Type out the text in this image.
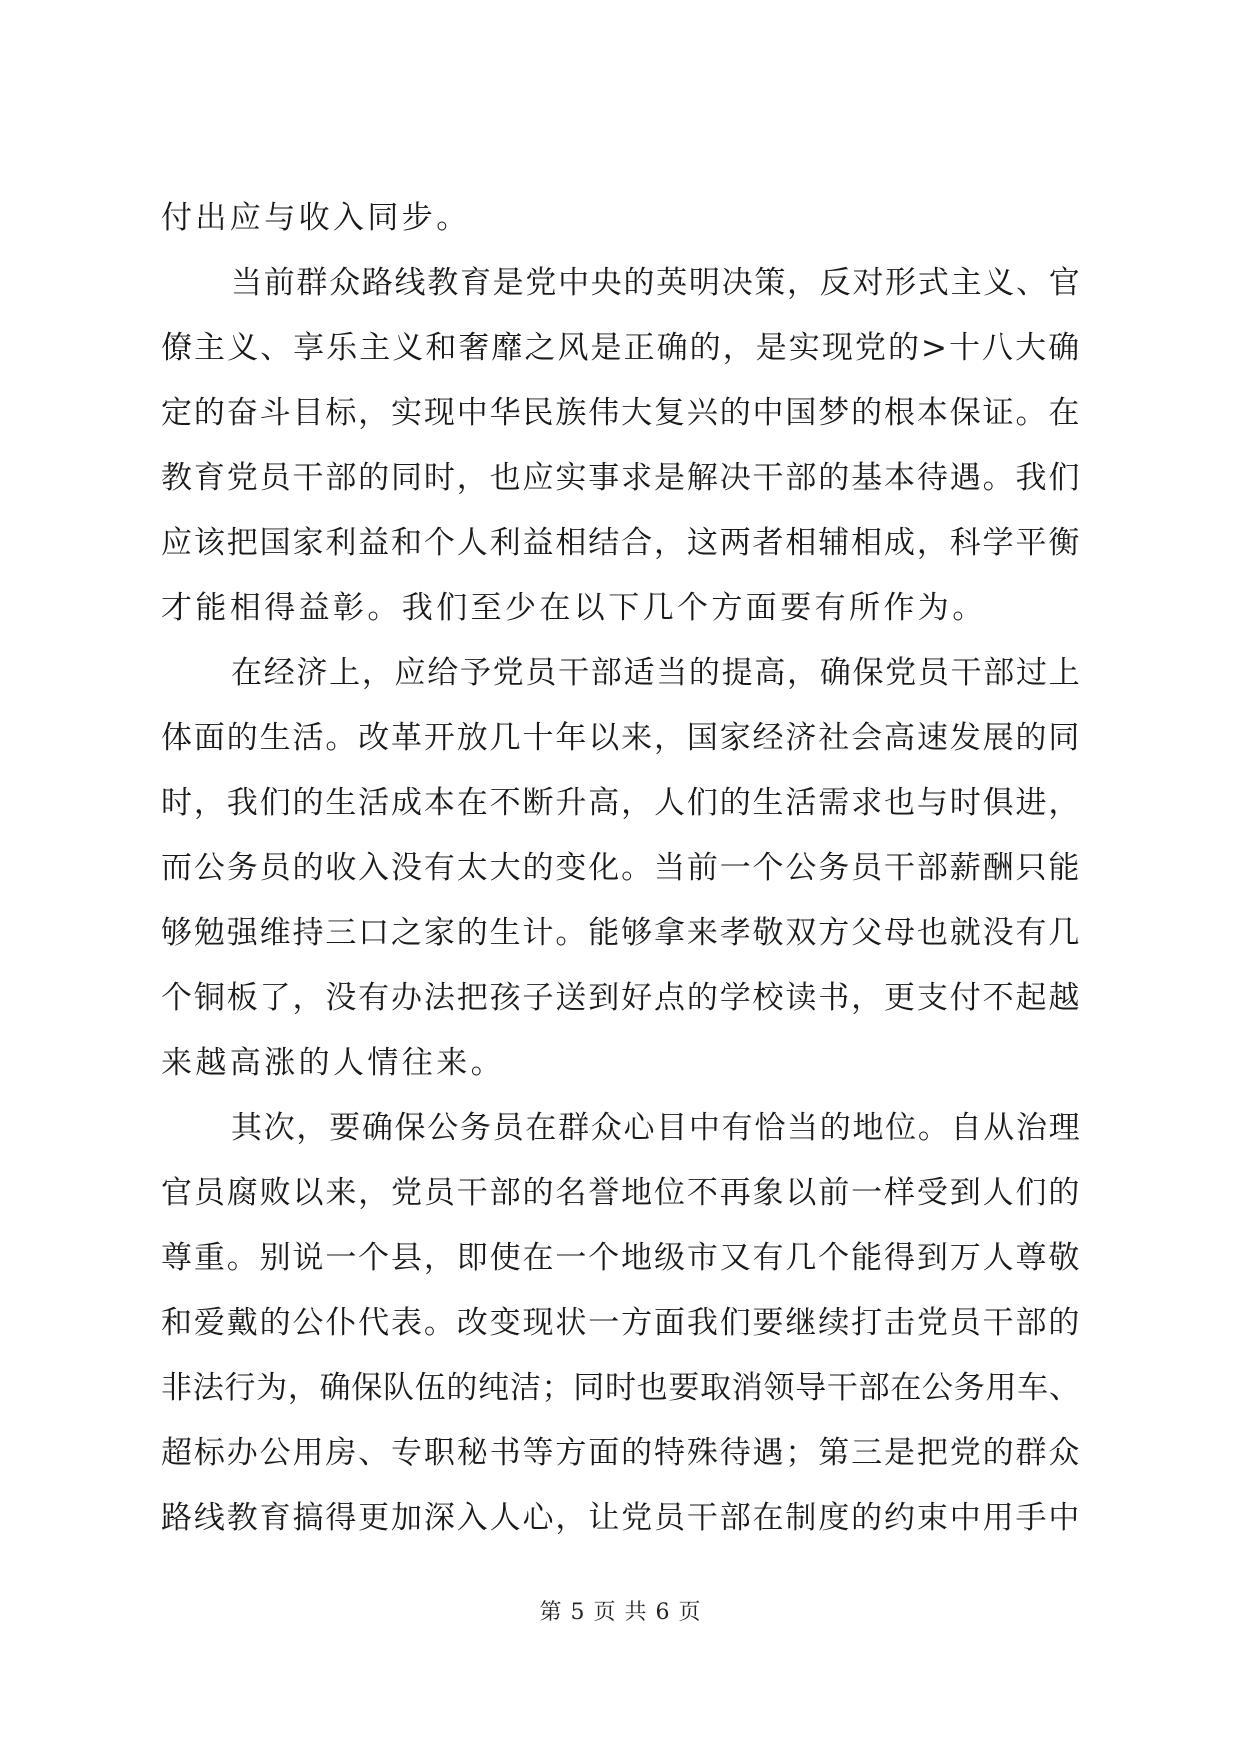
付出应与收入同步。
当前群众路线教育是党中央的英明决策，反对形式主义、官
僚主义、享乐主义和奢靡之风是正确的，是实现党的>十八大确
定的奋斗目标，实现中华民族伟大复兴的中国梦的根本保证。在
教育党员干部的同时，也应实事求是解决干部的基本待遇。我们
应该把国家利益和个人利益相结合，这两者相辅相成，科学平衡
才能相得益彰。我们至少在以下几个方面要有所作为。
在经济上，应给予党员干部适当的提高，确保党员干部过上
体面的生活。改革开放几十年以来，国家经济社会高速发展的同
时，我们的生活成本在不断升高，人们的生活需求也与时俱进，
而公务员的收入没有太大的变化。当前一个公务员干部薪酬只能
够勉强维持三口之家的生计。能够拿来孝敬双方父母也就没有几
个铜板了，没有办法把孩子送到好点的学校读书，更支付不起越
来越高涨的人情往来。
其次，要确保公务员在群众心目中有恰当的地位。自从治理
官员腐败以来，党员干部的名誉地位不再象以前一样受到人们的
尊重。别说一个县，即使在一个地级市又有几个能得到万人尊敬
和爱戴的公仆代表。改变现状一方面我们要继续打击党员干部的
非法行为，确保队伍的纯洁；同时也要取消领导干部在公务用车、
超标办公用房、专职秘书等方面的特殊待遇；第三是把党的群众
路线教育搞得更加深入人心，让党员干部在制度的约束中用手中
第 5 页 共 6 页
